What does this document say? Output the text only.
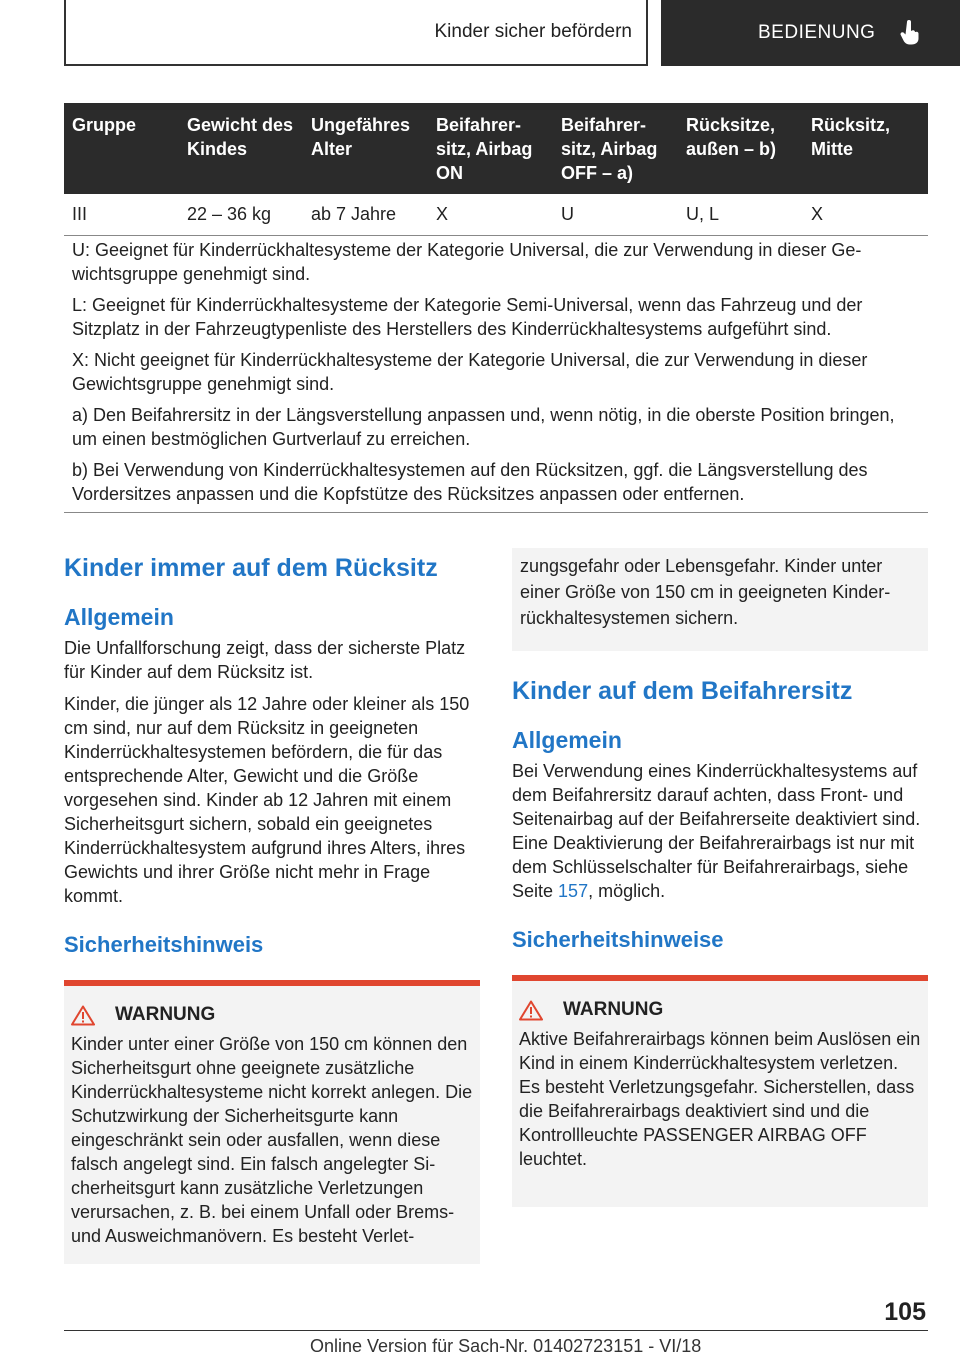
Kinder sicher befördern	BEDIENUNG
Gruppe	Gewicht des Kindes	Ungefähres Alter	Beifahrersitz, Airbag ON	Beifahrersitz, Airbag OFF – a)	Rücksitze, außen – b)	Rücksitz, Mitte
III	22 – 36 kg	ab 7 Jahre	X	U	U, L	X

U: Geeignet für Kinderrückhaltesysteme der Kategorie Universal, die zur Verwendung in dieser Gewichtsgruppe genehmigt sind.

L: Geeignet für Kinderrückhaltesysteme der Kategorie Semi-Universal, wenn das Fahrzeug und der Sitzplatz in der Fahrzeugtypenliste des Herstellers des Kinderrückhaltesystems aufgeführt sind.

X: Nicht geeignet für Kinderrückhaltesysteme der Kategorie Universal, die zur Verwendung in dieser Gewichtsgruppe genehmigt sind.

a) Den Beifahrersitz in der Längsverstellung anpassen und, wenn nötig, in die oberste Position bringen, um einen bestmöglichen Gurtverlauf zu erreichen.

b) Bei Verwendung von Kinderrückhaltesystemen auf den Rücksitzen, ggf. die Längsverstellung des Vordersitzes anpassen und die Kopfstütze des Rücksitzes anpassen oder entfernen.

Kinder immer auf dem Rücksitz
Allgemein

Die Unfallforschung zeigt, dass der sicherste Platz für Kinder auf dem Rücksitz ist.

Kinder, die jünger als 12 Jahre oder kleiner als 150 cm sind, nur auf dem Rücksitz in geeigneten Kinderrückhaltesystemen befördern, die für das entsprechende Alter, Gewicht und die Größe vorgesehen sind. Kinder ab 12 Jahren mit einem Sicherheitsgurt sichern, sobald ein geeignetes Kinderrückhaltesystem aufgrund ihres Alters, ihres Gewichts und ihrer Größe nicht mehr in Frage kommt.

Sicherheitshinweis
WARNUNG

Kinder unter einer Größe von 150 cm können den Sicherheitsgurt ohne geeignete zusätzliche Kinderrückhaltesysteme nicht korrekt anlegen. Die Schutzwirkung der Sicherheitsgurte kann eingeschränkt sein oder ausfallen, wenn diese falsch angelegt sind. Ein falsch angelegter Sicherheitsgurt kann zusätzliche Verletzungen verursachen, z. B. bei einem Unfall oder Brems- und Ausweichmanövern. Es besteht Verlet-

zungsgefahr oder Lebensgefahr. Kinder unter einer Größe von 150 cm in geeigneten Kinderrückhaltesystemen sichern.

Kinder auf dem Beifahrersitz
Allgemein

Bei Verwendung eines Kinderrückhaltesystems auf dem Beifahrersitz darauf achten, dass Front- und Seitenairbag auf der Beifahrerseite deaktiviert sind. Eine Deaktivierung der Beifahrerairbags ist nur mit dem Schlüsselschalter für Beifahrerairbags, siehe Seite 157, möglich.

Sicherheitshinweise
WARNUNG

Aktive Beifahrerairbags können beim Auslösen ein Kind in einem Kinderrückhaltesystem verletzen. Es besteht Verletzungsgefahr. Sicherstellen, dass die Beifahrerairbags deaktiviert sind und die Kontrollleuchte PASSENGER AIRBAG OFF leuchtet.

105
Online Version für Sach-Nr. 01402723151 - VI/18
